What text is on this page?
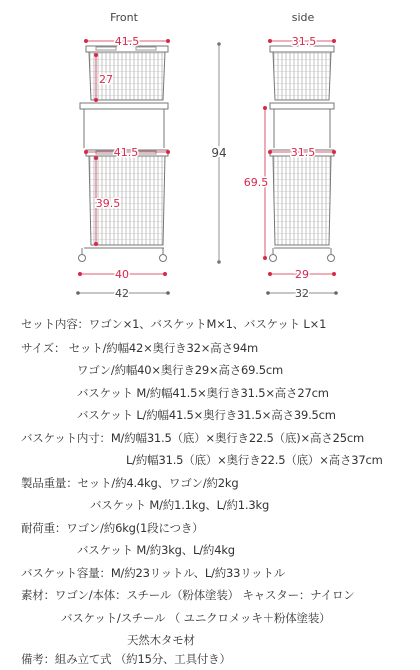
Front	side
41.5
27
41.5
39.5
40
42
94
31.5
31.5
69.5
29
32
セット内容：ワゴン×1、バスケットM×1、バスケット L×1
サイズ： セット/約幅42×奥行き32×高さ94m
ワゴン/約幅40×奥行き29×高さ69.5cm
バスケット M/約幅41.5×奥行き31.5×高さ27cm
バスケット L/約幅41.5×奥行き31.5×高さ39.5cm
バスケット内寸：M/約幅31.5（底）×奥行き22.5（底)×高さ25cm
L/約幅31.5（底）×奥行き22.5（底）×高さ37cm
製品重量：セット/約4.4kg、ワゴン/約2kg
バスケット M/約1.1kg、L/約1.3kg
耐荷重：ワゴン/約6kg(1段につき）
バスケット M/約3kg、L/約4kg
バスケット容量：M/約23リットル、L/約33リットル
素材：ワゴン/本体：スチール（粉体塗装） キャスター：ナイロン
バスケット/スチール （ ユニクロメッキ＋粉体塗装）
天然木タモ材
備考：組み立て式 （約15分、工具付き）
